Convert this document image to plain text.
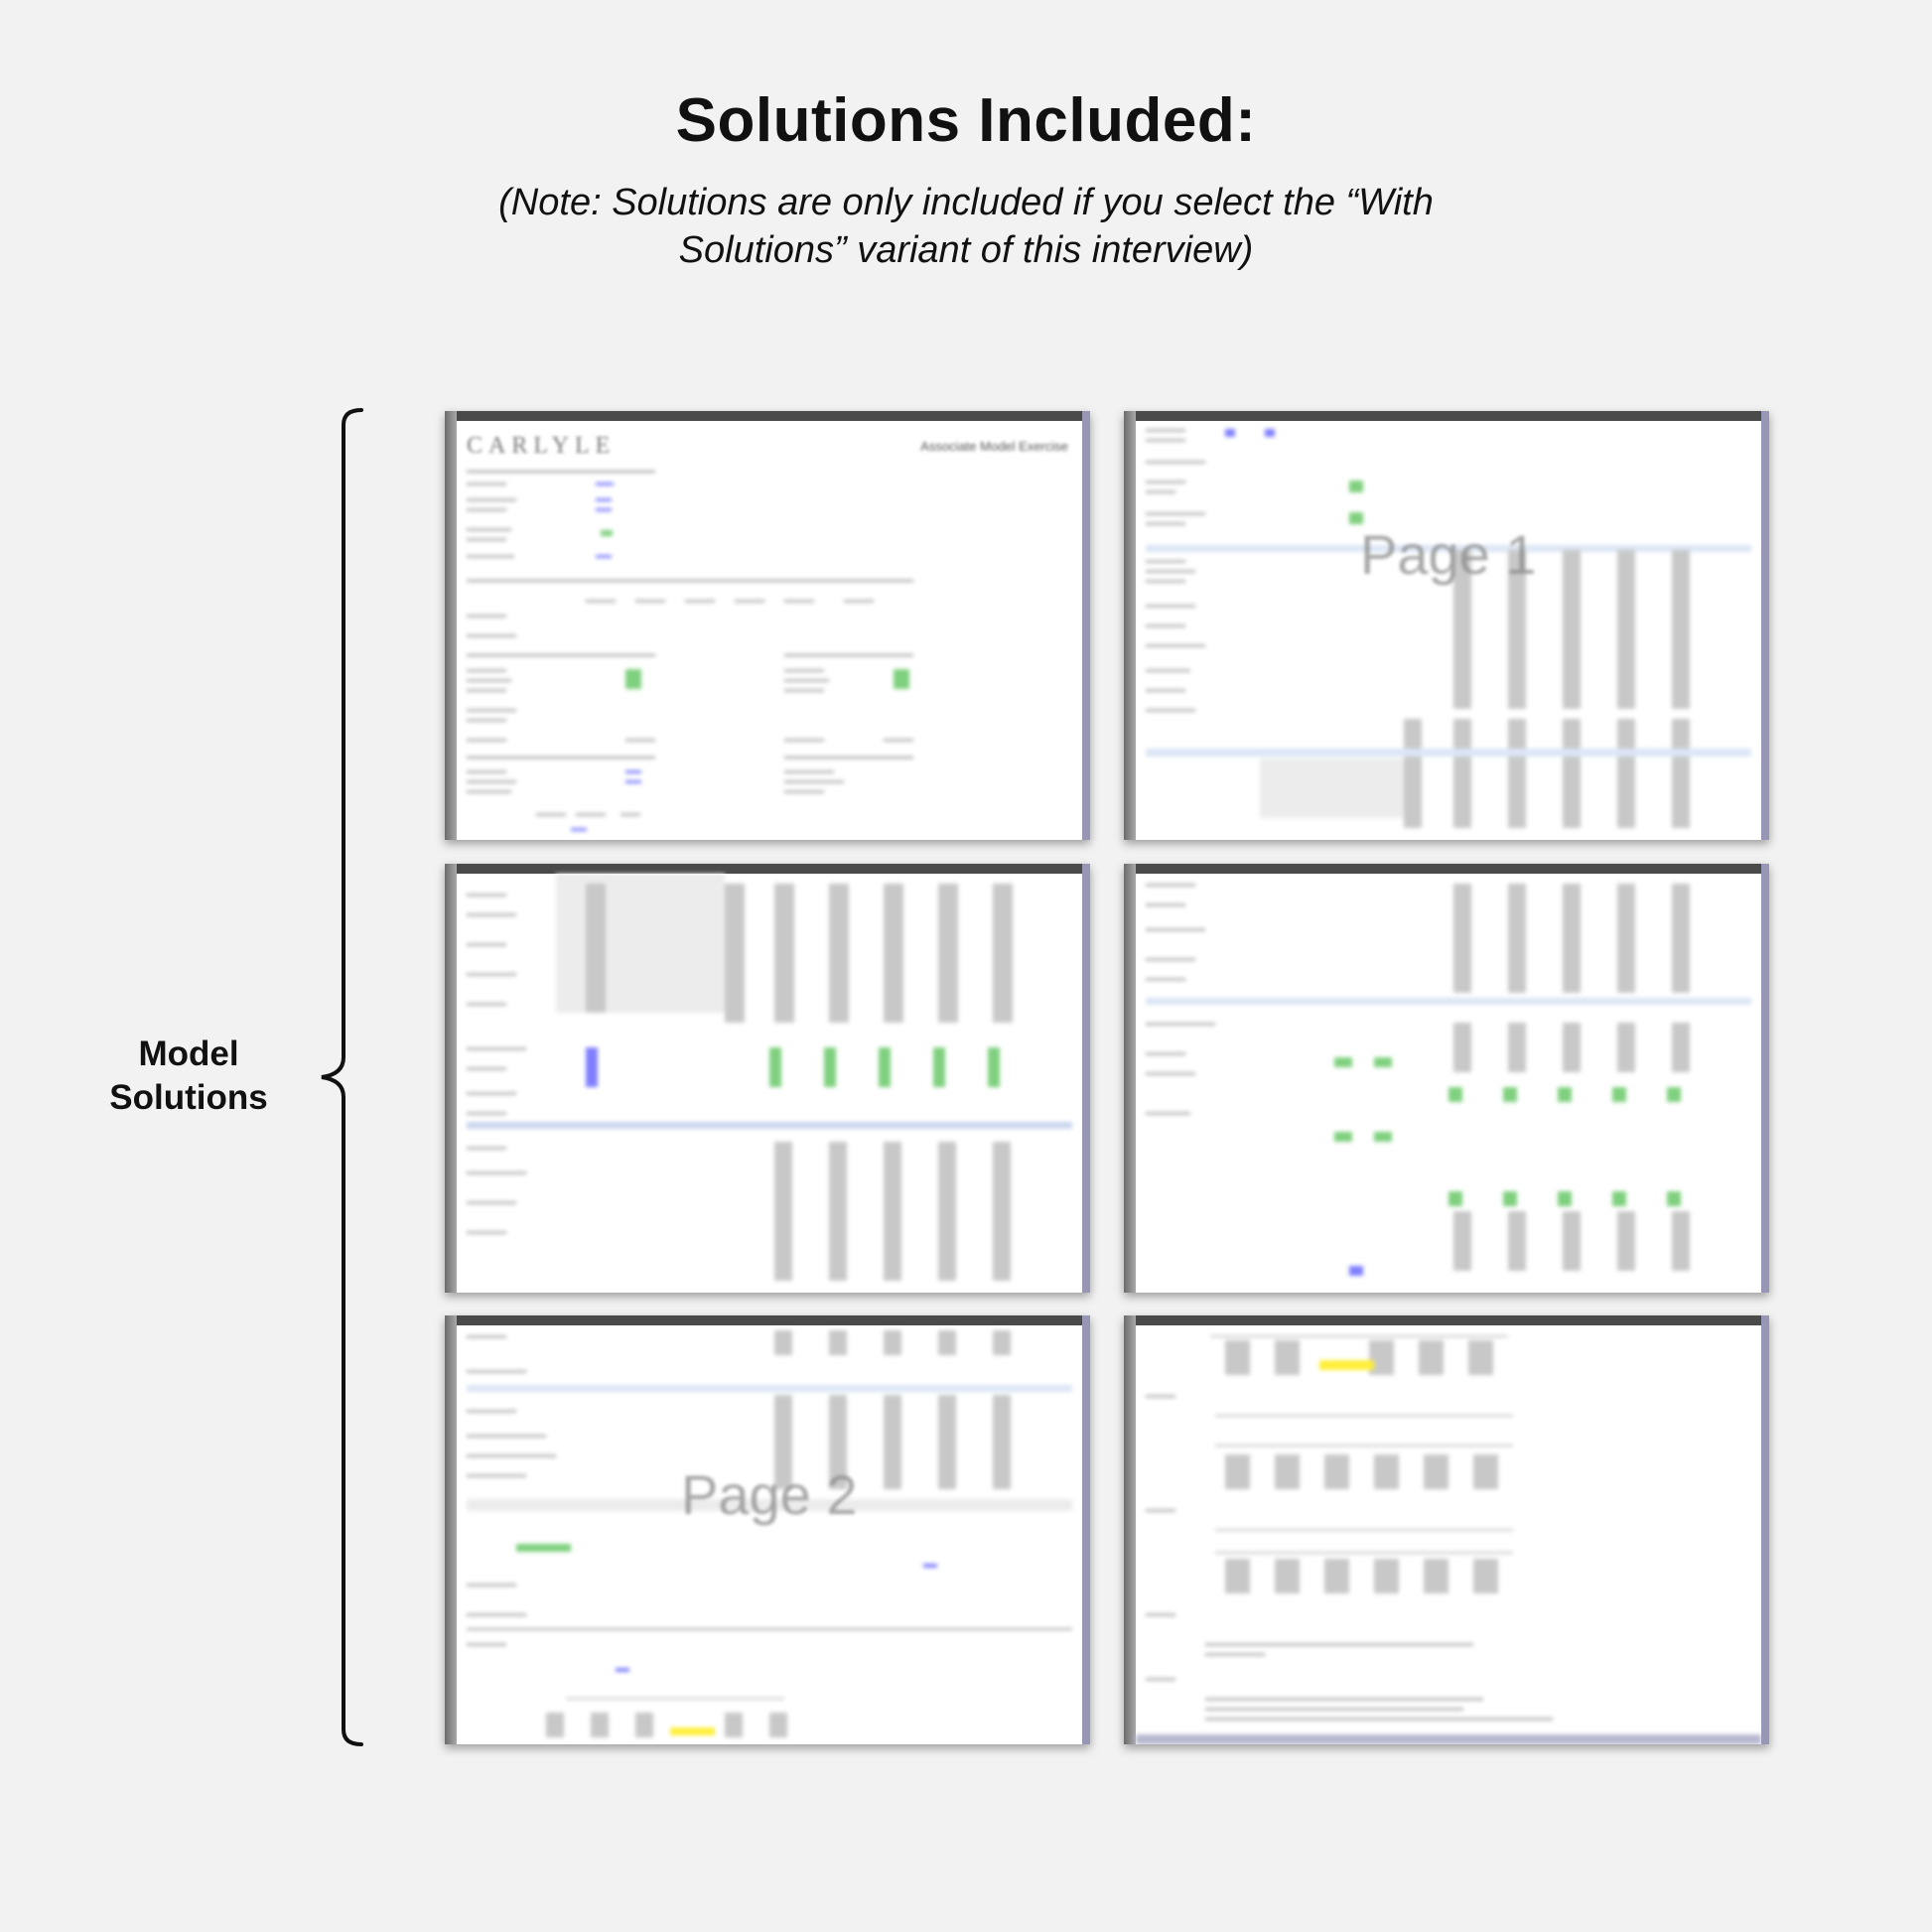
Solutions Included:
(Note: Solutions are only included if you select the “With
Solutions” variant of this interview)
Model
Solutions
CARLYLE	Associate Model Exercise
Page 1
Page 2
